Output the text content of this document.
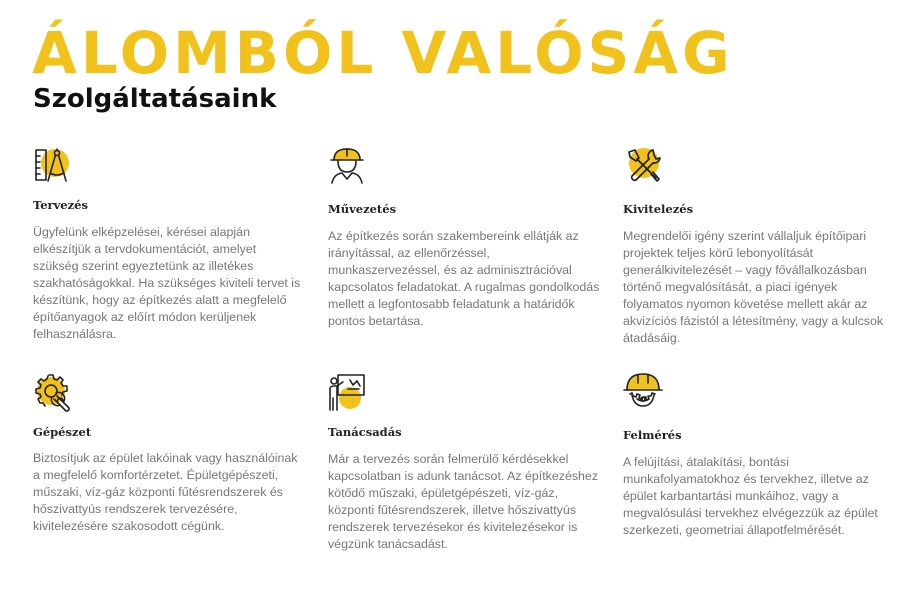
ÁLOMBÓL VALÓSÁG
Szolgáltatásaink
Tervezés

Ügyfelünk elképzelései, kérései alapján elkészítjük a tervdokumentációt, amelyet szükség szerint egyeztetünk az illetékes szakhatóságokkal. Ha szükséges kiviteli tervet is készítünk, hogy az építkezés alatt a megfelelő építőanyagok az előírt módon kerüljenek felhasználásra.

Művezetés

Az építkezés során szakembereink ellátják az irányítással, az ellenőrzéssel, munkaszervezéssel, és az adminisztrációval kapcsolatos feladatokat. A rugalmas gondolkodás mellett a legfontosabb feladatunk a határidők pontos betartása.

Kivitelezés

Megrendelői igény szerint vállaljuk építőipari projektek teljes körű lebonyolítását generálkivitelezését – vagy fővállalkozásban történő megvalósítását, a piaci igények folyamatos nyomon követése mellett akár az akvizíciós fázistól a létesítmény, vagy a kulcsok átadásáig.

Gépészet

Biztosítjuk az épület lakóinak vagy használóinak a megfelelő komfortérzetet. Épületgépészeti, műszaki, víz-gáz központi fűtésrendszerek és hőszivattyús rendszerek tervezésére, kivitelezésére szakosodott cégünk.

Tanácsadás

Már a tervezés során felmerülő kérdésekkel kapcsolatban is adunk tanácsot. Az építkezéshez kötődő műszaki, épületgépészeti, víz-gáz, központi fűtésrendszerek, illetve hőszivattyús rendszerek tervezésekor és kivitelezésekor is végzünk tanácsadást.

Felmérés

A felújítási, átalakítási, bontási munkafolyamatokhoz és tervekhez, illetve az épület karbantartási munkáihoz, vagy a megvalósulási tervekhez elvégezzük az épület szerkezeti, geometriai állapotfelmérését.
